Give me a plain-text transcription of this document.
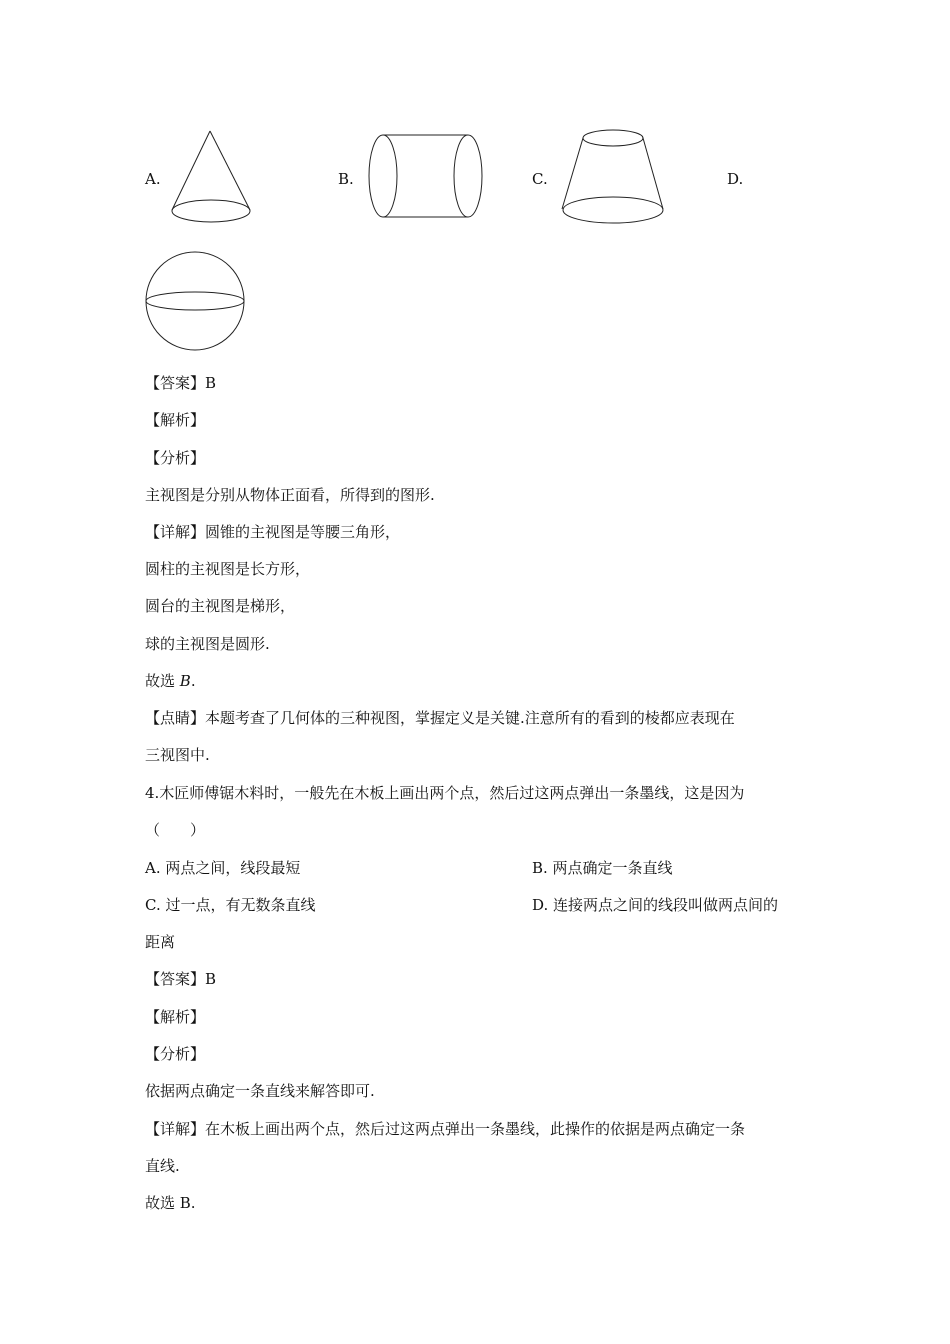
A.	B.	C.	D.
【答案】B
【解析】
【分析】
主视图是分别从物体正面看，所得到的图形.
【详解】圆锥的主视图是等腰三角形，
圆柱的主视图是长方形，
圆台的主视图是梯形，
球的主视图是圆形.
故选 B.
【点睛】本题考查了几何体的三种视图，掌握定义是关键.注意所有的看到的棱都应表现在
三视图中.
4.木匠师傅锯木料时，一般先在木板上画出两个点，然后过这两点弹出一条墨线，这是因为
（　　）
A. 两点之间，线段最短	B. 两点确定一条直线
C. 过一点，有无数条直线	D. 连接两点之间的线段叫做两点间的
距离
【答案】B
【解析】
【分析】
依据两点确定一条直线来解答即可.
【详解】在木板上画出两个点，然后过这两点弹出一条墨线，此操作的依据是两点确定一条
直线.
故选 B.
